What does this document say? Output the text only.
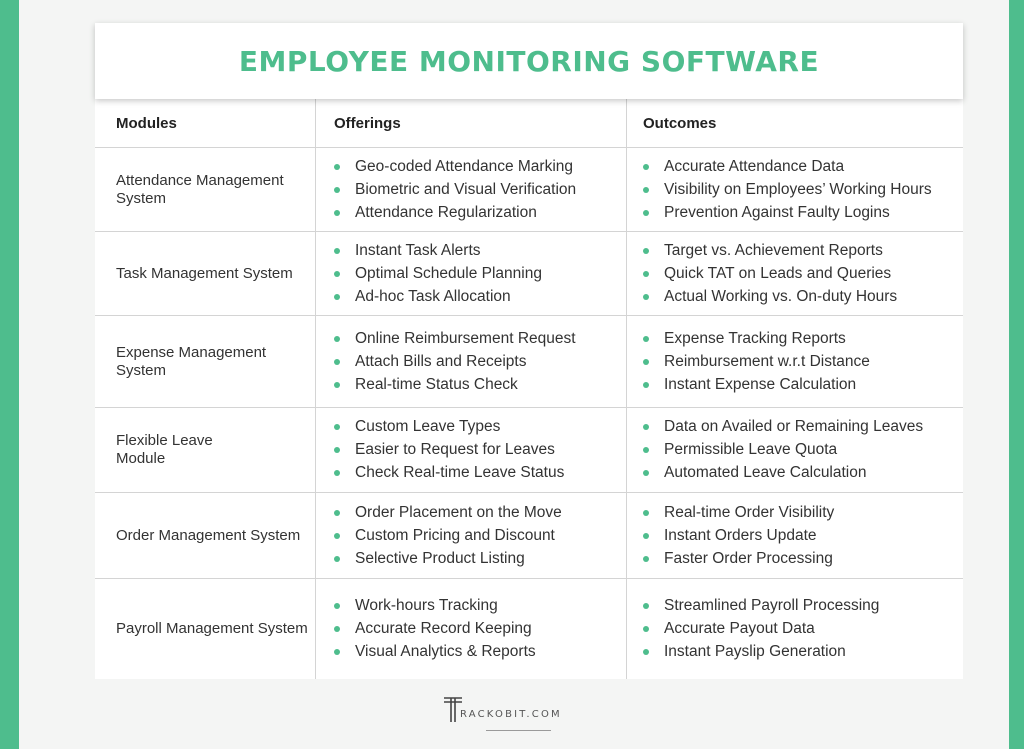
EMPLOYEE MONITORING SOFTWARE
Modules	Offerings	Outcomes
Attendance Management System
Geo-coded Attendance Marking
Biometric and Visual Verification
Attendance Regularization
Accurate Attendance Data
Visibility on Employees’ Working Hours
Prevention Against Faulty Logins
Task Management System
Instant Task Alerts
Optimal Schedule Planning
Ad-hoc Task Allocation
Target vs. Achievement Reports
Quick TAT on Leads and Queries
Actual Working vs. On-duty Hours
Expense Management System
Online Reimbursement Request
Attach Bills and Receipts
Real-time Status Check
Expense Tracking Reports
Reimbursement w.r.t Distance
Instant Expense Calculation
Flexible Leave Module
Custom Leave Types
Easier to Request for Leaves
Check Real-time Leave Status
Data on Availed or Remaining Leaves
Permissible Leave Quota
Automated Leave Calculation
Order Management System
Order Placement on the Move
Custom Pricing and Discount
Selective Product Listing
Real-time Order Visibility
Instant Orders Update
Faster Order Processing
Payroll Management System
Work-hours Tracking
Accurate Record Keeping
Visual Analytics & Reports
Streamlined Payroll Processing
Accurate Payout Data
Instant Payslip Generation
RACKOBIT.COM
